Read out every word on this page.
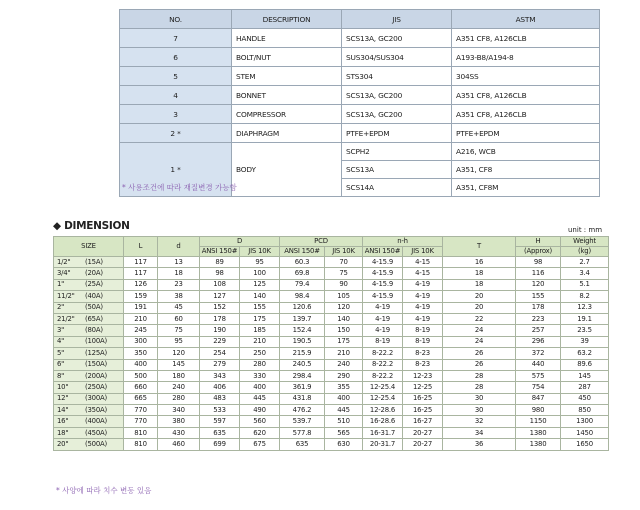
NO.	DESCRIPTION	JIS	ASTM
7	HANDLE	SCS13A, GC200	A351 CF8, A126CLB
6	BOLT/NUT	SUS304/SUS304	A193-B8/A194-8
5	STEM	STS304	304SS
4	BONNET	SCS13A, GC200	A351 CF8, A126CLB
3	COMPRESSOR	SCS13A, GC200	A351 CF8, A126CLB
2 *	DIAPHRAGM	PTFE+EPDM	PTFE+EPDM
1 *	BODY	SCPH2	A216, WCB
		SCS13A	A351, CF8
		SCS14A	A351, CF8M
* 사용조건에 따라 재질변경 가능함
◆ DIMENSION	unit : mm
SIZE	L	d	D		PCD		n-h		T	H	Weight
			ANSI 150#	JIS 10K	ANSI 150#	JIS 10K	ANSI 150#	JIS 10K		(Approx)	(kg)
1/2" (15A)	117	13	89	95	60.3	70	4-15.9	4-15	16	98	2.7
3/4" (20A)	117	18	98	100	69.8	75	4-15.9	4-15	18	116	3.4
1" (25A)	126	23	108	125	79.4	90	4-15.9	4-19	18	120	5.1
11/2" (40A)	159	38	127	140	98.4	105	4-15.9	4-19	20	155	8.2
2" (50A)	191	45	152	155	120.6	120	4-19	4-19	20	178	12.3
21/2" (65A)	210	60	178	175	139.7	140	4-19	4-19	22	223	19.1
3" (80A)	245	75	190	185	152.4	150	4-19	8-19	24	257	23.5
4" (100A)	300	95	229	210	190.5	175	8-19	8-19	24	296	39
5" (125A)	350	120	254	250	215.9	210	8-22.2	8-23	26	372	63.2
6" (150A)	400	145	279	280	240.5	240	8-22.2	8-23	26	440	89.6
8" (200A)	500	180	343	330	298.4	290	8-22.2	12-23	28	575	145
10" (250A)	660	240	406	400	361.9	355	12-25.4	12-25	28	754	287
12" (300A)	665	280	483	445	431.8	400	12-25.4	16-25	30	847	450
14" (350A)	770	340	533	490	476.2	445	12-28.6	16-25	30	980	850
16" (400A)	770	380	597	560	539.7	510	16-28.6	16-27	32	1150	1300
18" (450A)	810	430	635	620	577.8	565	16-31.7	20-27	34	1380	1450
20" (500A)	810	460	699	675	635	630	20-31.7	20-27	36	1380	1650
* 사양에 따라 치수 변동 있음
